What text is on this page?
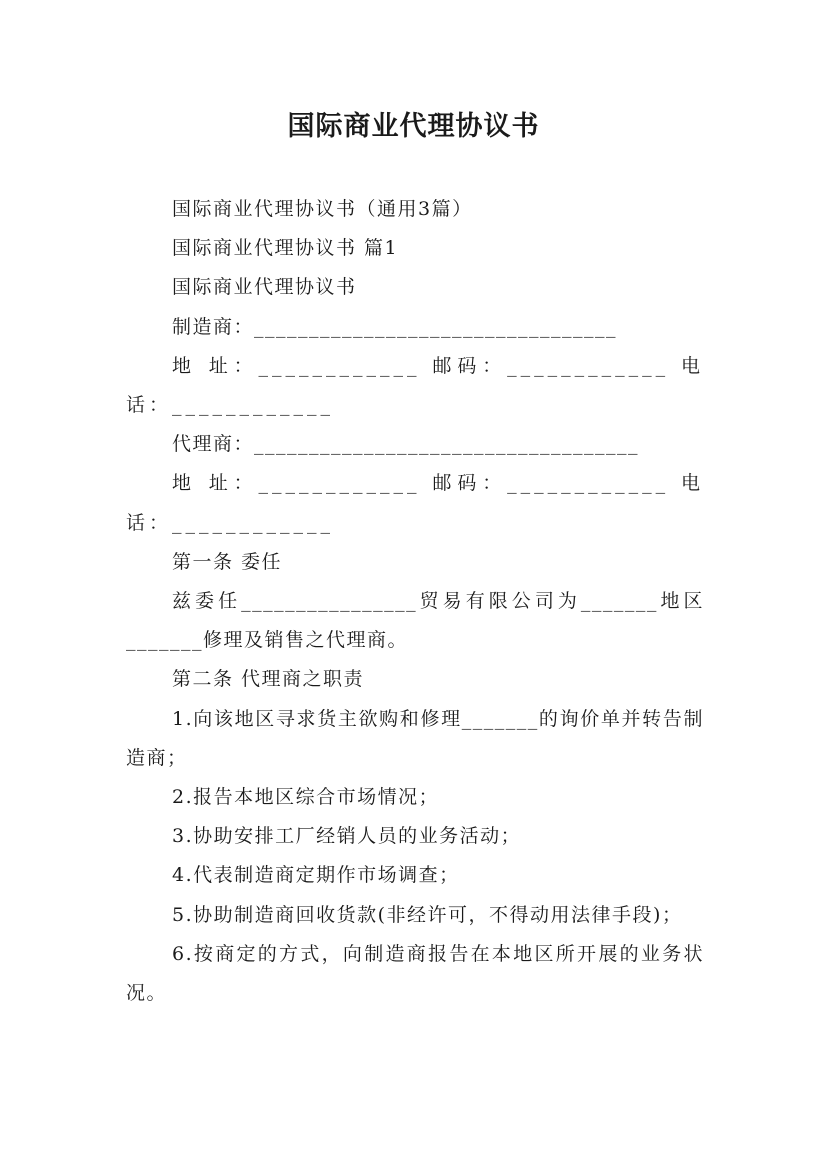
国际商业代理协议书

国际商业代理协议书（通用3篇）

国际商业代理协议书 篇1

国际商业代理协议书

制造商：_________________________________

地 址：____________ 邮码：____________ 电话：____________

代理商：___________________________________

地 址：____________ 邮码：____________ 电话：____________

第一条 委任

兹委任________________贸易有限公司为_______地区_______修理及销售之代理商。

第二条 代理商之职责

1.向该地区寻求货主欲购和修理_______的询价单并转告制造商；

2.报告本地区综合市场情况；

3.协助安排工厂经销人员的业务活动；

4.代表制造商定期作市场调查；

5.协助制造商回收货款(非经许可，不得动用法律手段)；

6.按商定的方式，向制造商报告在本地区所开展的业务状况。
